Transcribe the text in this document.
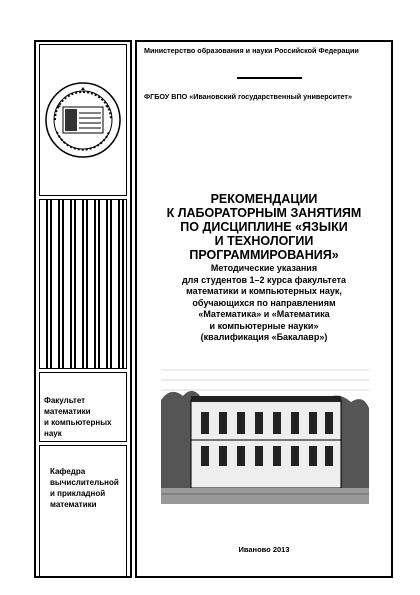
Факультет
математики
и компьютерных наук
Кафедра
вычислительной
и прикладной
математики
Министерство образования и науки Российской Федерации
ФГБОУ ВПО «Ивановский государственный университет»
РЕКОМЕНДАЦИИ
К ЛАБОРАТОРНЫМ ЗАНЯТИЯМ
ПО ДИСЦИПЛИНЕ «ЯЗЫКИ
И ТЕХНОЛОГИИ
ПРОГРАММИРОВАНИЯ»
Методические указания
для студентов 1–2 курса факультета
математики и компьютерных наук,
обучающихся по направлениям
«Математика» и «Математика
и компьютерные науки»
(квалификация «Бакалавр»)
Иваново 2013
